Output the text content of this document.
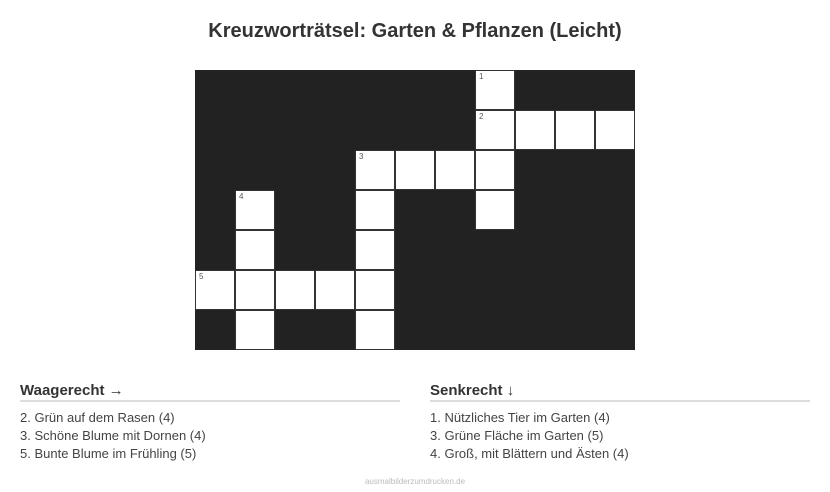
Kreuzworträtsel: Garten & Pflanzen (Leicht)
1
2
3
4
5
Waagerecht →
2. Grün auf dem Rasen (4)
3. Schöne Blume mit Dornen (4)
5. Bunte Blume im Frühling (5)
Senkrecht ↓
1. Nützliches Tier im Garten (4)
3. Grüne Fläche im Garten (5)
4. Groß, mit Blättern und Ästen (4)
ausmalbilderzumdrucken.de
